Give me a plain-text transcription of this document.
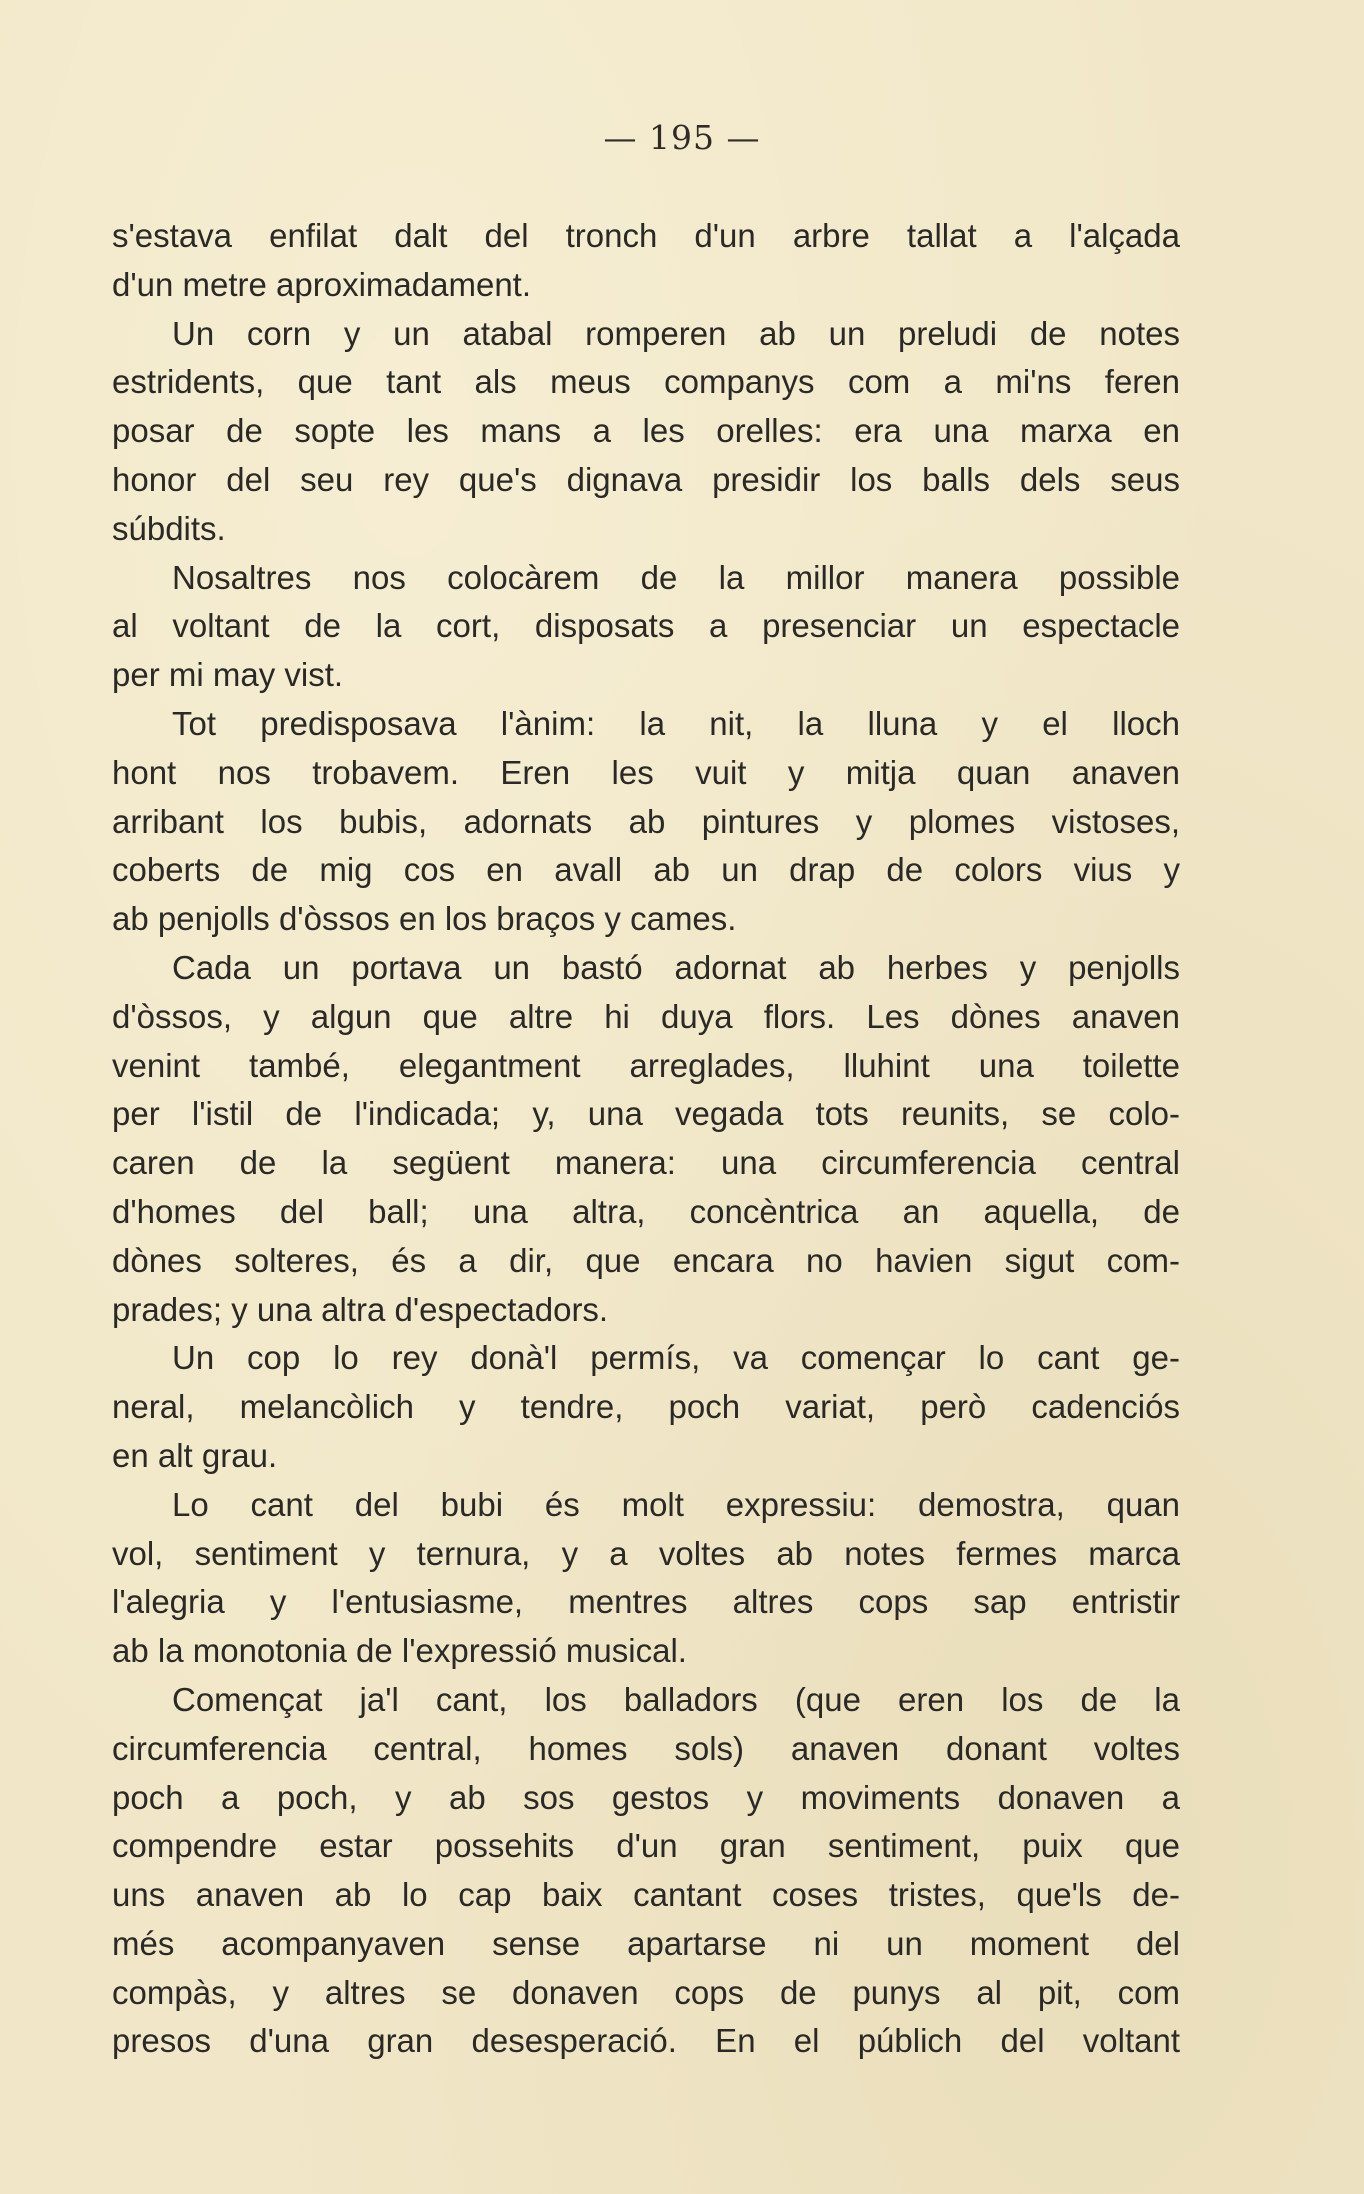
— 195 —
s'estava enfilat dalt del tronch d'un arbre tallat a l'alçada
d'un metre aproximadament.
Un corn y un atabal romperen ab un preludi de notes
estridents, que tant als meus companys com a mi'ns feren
posar de sopte les mans a les orelles: era una marxa en
honor del seu rey que's dignava presidir los balls dels seus
súbdits.
Nosaltres nos colocàrem de la millor manera possible
al voltant de la cort, disposats a presenciar un espectacle
per mi may vist.
Tot predisposava l'ànim: la nit, la lluna y el lloch
hont nos trobavem. Eren les vuit y mitja quan anaven
arribant los bubis, adornats ab pintures y plomes vistoses,
coberts de mig cos en avall ab un drap de colors vius y
ab penjolls d'òssos en los braços y cames.
Cada un portava un bastó adornat ab herbes y penjolls
d'òssos, y algun que altre hi duya flors. Les dònes anaven
venint també, elegantment arreglades, lluhint una toilette
per l'istil de l'indicada; y, una vegada tots reunits, se colo-
caren de la següent manera: una circumferencia central
d'homes del ball; una altra, concèntrica an aquella, de
dònes solteres, és a dir, que encara no havien sigut com-
prades; y una altra d'espectadors.
Un cop lo rey donà'l permís, va començar lo cant ge-
neral, melancòlich y tendre, poch variat, però cadenciós
en alt grau.
Lo cant del bubi és molt expressiu: demostra, quan
vol, sentiment y ternura, y a voltes ab notes fermes marca
l'alegria y l'entusiasme, mentres altres cops sap entristir
ab la monotonia de l'expressió musical.
Començat ja'l cant, los balladors (que eren los de la
circumferencia central, homes sols) anaven donant voltes
poch a poch, y ab sos gestos y moviments donaven a
compendre estar possehits d'un gran sentiment, puix que
uns anaven ab lo cap baix cantant coses tristes, que'ls de-
més acompanyaven sense apartarse ni un moment del
compàs, y altres se donaven cops de punys al pit, com
presos d'una gran desesperació. En el públich del voltant
